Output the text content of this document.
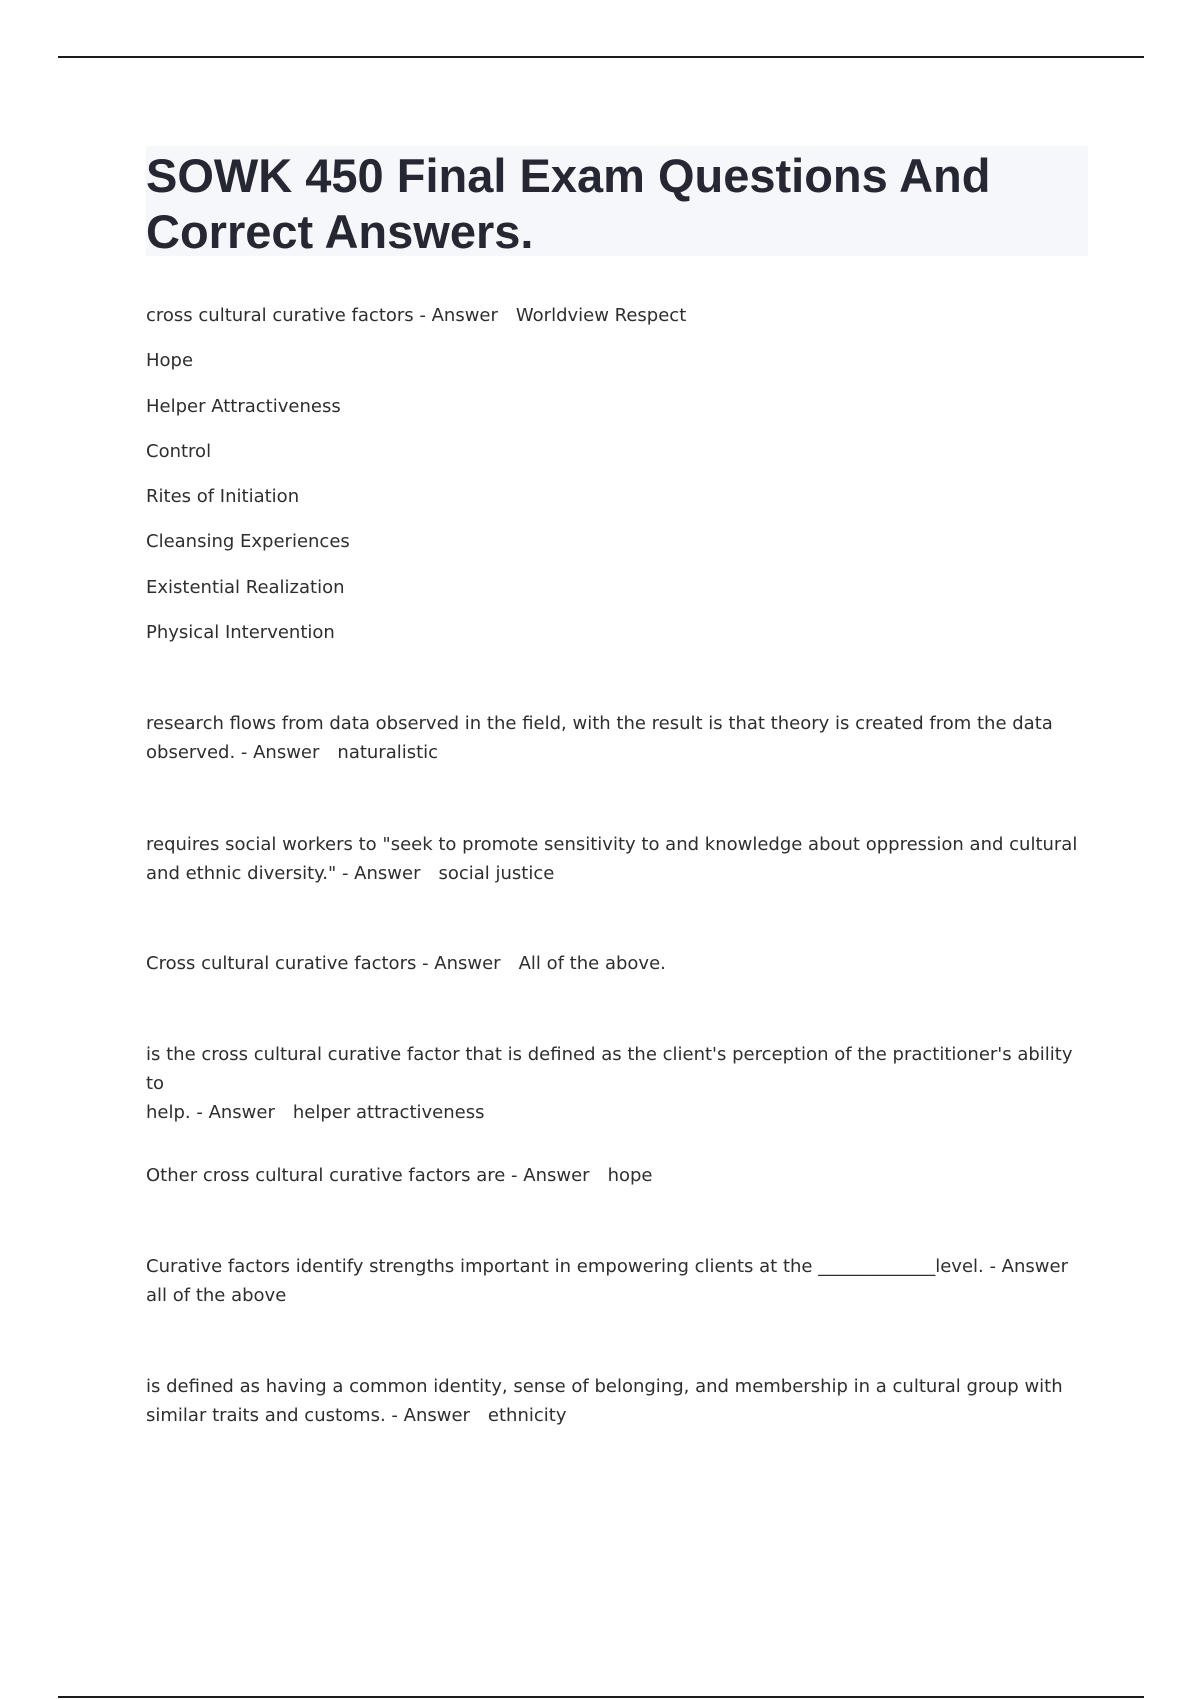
SOWK 450 Final Exam Questions And Correct Answers.
cross cultural curative factors - Answer Worldview Respect
Hope
Helper Attractiveness
Control
Rites of Initiation
Cleansing Experiences
Existential Realization
Physical Intervention
research flows from data observed in the field, with the result is that theory is created from the data
observed. - Answer naturalistic
requires social workers to "seek to promote sensitivity to and knowledge about oppression and cultural
and ethnic diversity." - Answer social justice
Cross cultural curative factors - Answer All of the above.
is the cross cultural curative factor that is defined as the client's perception of the practitioner's ability to
help. - Answer helper attractiveness
Other cross cultural curative factors are - Answer hope
Curative factors identify strengths important in empowering clients at the _____________level. - Answer
all of the above
is defined as having a common identity, sense of belonging, and membership in a cultural group with
similar traits and customs. - Answer ethnicity
